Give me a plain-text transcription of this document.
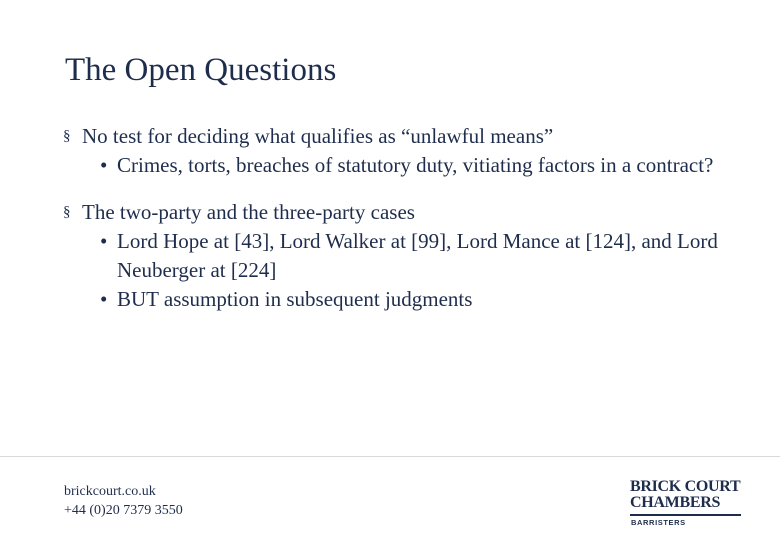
The Open Questions
§ No test for deciding what qualifies as “unlawful means”
• Crimes, torts, breaches of statutory duty, vitiating factors in a contract?
§ The two-party and the three-party cases
• Lord Hope at [43], Lord Walker at [99], Lord Mance at [124], and Lord Neuberger at [224]
• BUT assumption in subsequent judgments
brickcourt.co.uk
+44 (0)20 7379 3550
BRICK COURT
CHAMBERS
BARRISTERS
